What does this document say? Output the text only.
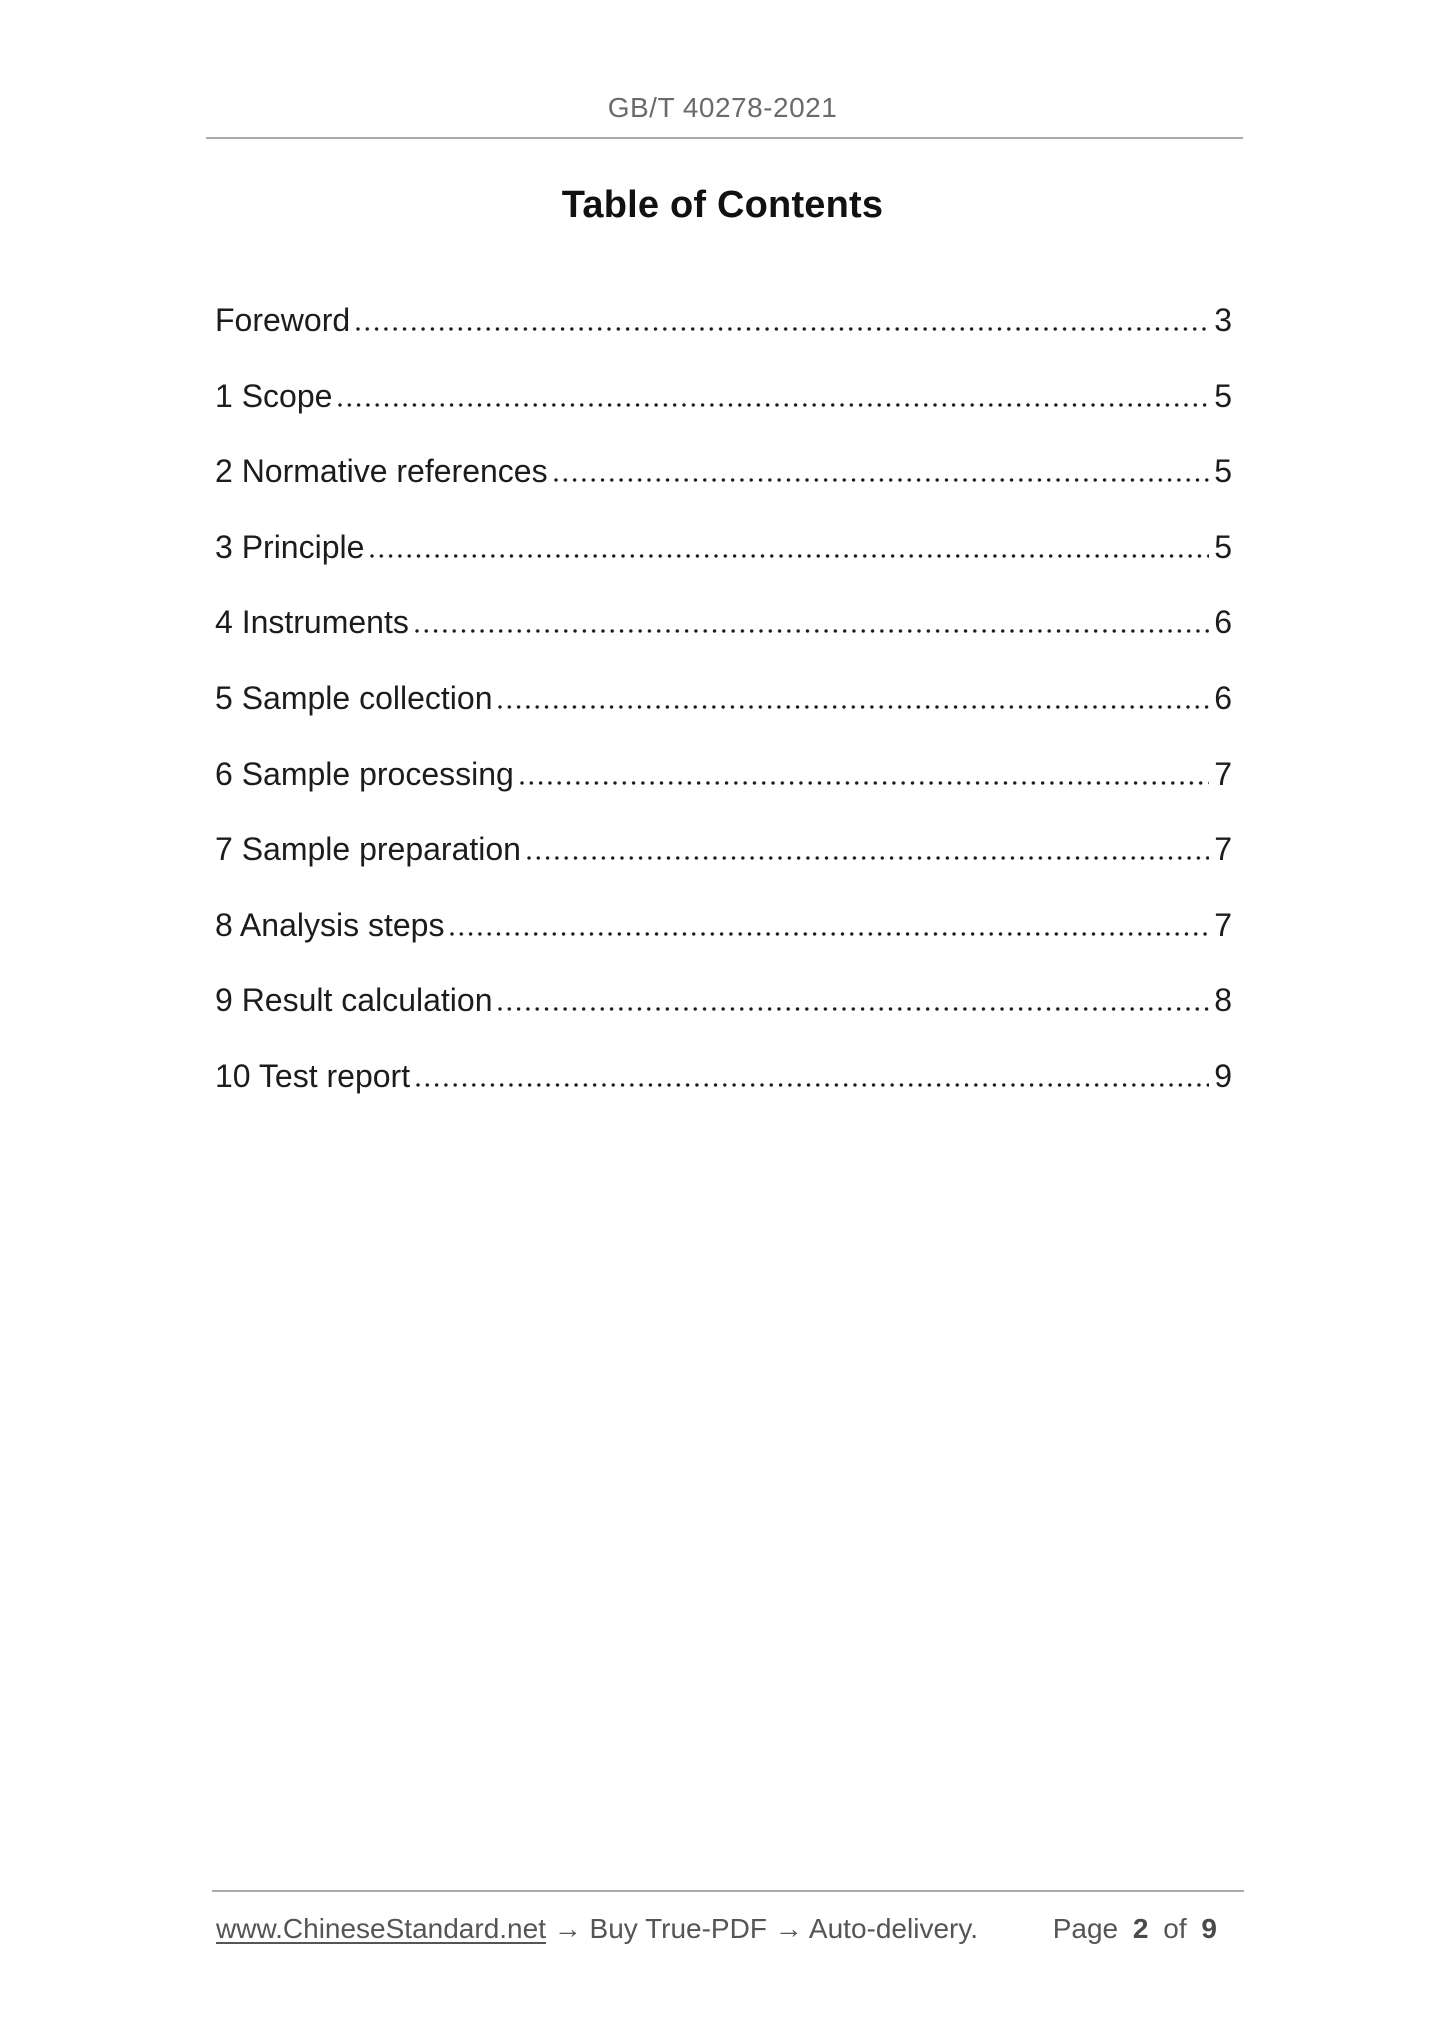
GB/T 40278-2021
Table of Contents
Foreword	3
1 Scope	5
2 Normative references	5
3 Principle	5
4 Instruments	6
5 Sample collection	6
6 Sample processing	7
7 Sample preparation	7
8 Analysis steps	7
9 Result calculation	8
10 Test report	9
www.ChineseStandard.net → Buy True-PDF → Auto-delivery.	Page 2 of 9
